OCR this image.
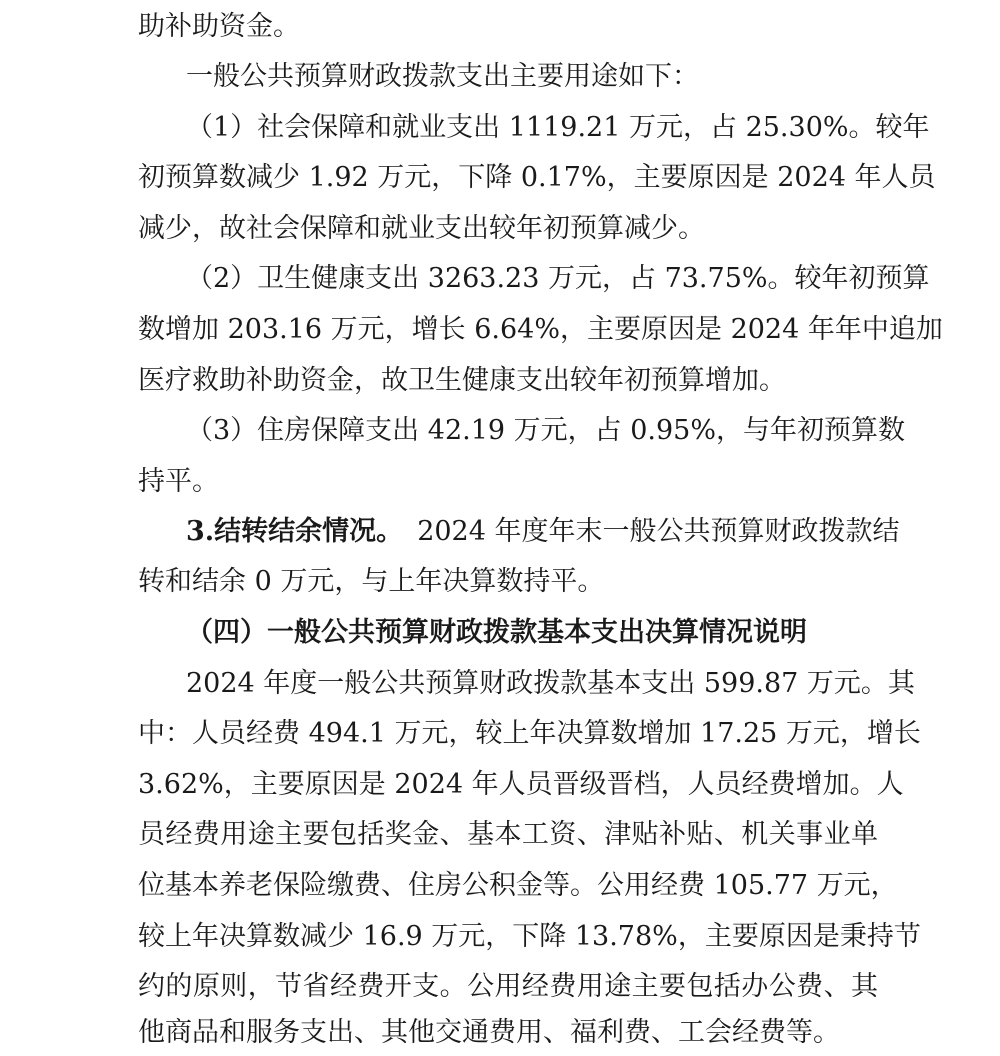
助补助资金。
一般公共预算财政拨款支出主要用途如下：
（1）社会保障和就业支出 1119.21 万元，占 25.30%。较年
初预算数减少 1.92 万元，下降 0.17%，主要原因是 2024 年人员
减少，故社会保障和就业支出较年初预算减少。
（2）卫生健康支出 3263.23 万元，占 73.75%。较年初预算
数增加 203.16 万元，增长 6.64%，主要原因是 2024 年年中追加
医疗救助补助资金，故卫生健康支出较年初预算增加。
（3）住房保障支出 42.19 万元，占 0.95%，与年初预算数
持平。
3.结转结余情况。 2024 年度年末一般公共预算财政拨款结
转和结余 0 万元，与上年决算数持平。
（四）一般公共预算财政拨款基本支出决算情况说明
2024 年度一般公共预算财政拨款基本支出 599.87 万元。其
中：人员经费 494.1 万元，较上年决算数增加 17.25 万元，增长
3.62%，主要原因是 2024 年人员晋级晋档，人员经费增加。人
员经费用途主要包括奖金、基本工资、津贴补贴、机关事业单
位基本养老保险缴费、住房公积金等。公用经费 105.77 万元，
较上年决算数减少 16.9 万元，下降 13.78%，主要原因是秉持节
约的原则，节省经费开支。公用经费用途主要包括办公费、其
他商品和服务支出、其他交通费用、福利费、工会经费等。
